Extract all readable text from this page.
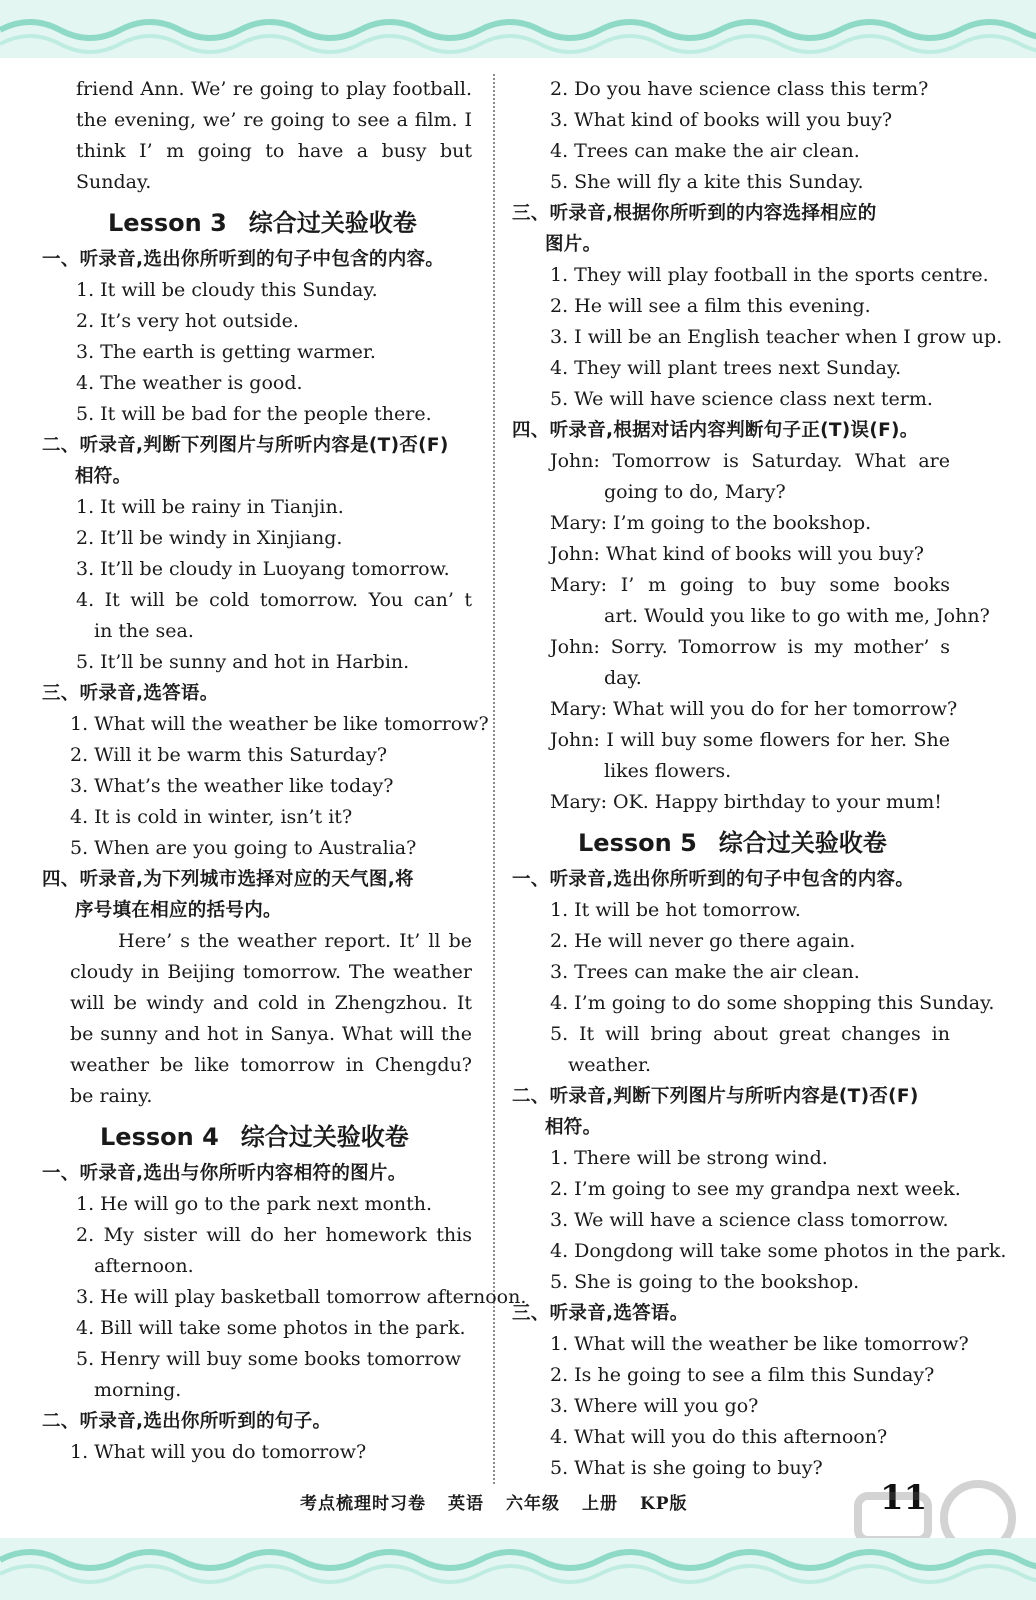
friend Ann. We’ re going to play football.
the evening, we’ re going to see a film. I
think I’ m going to have a busy but
Sunday.
Lesson 3 综合过关验收卷
一、听录音,选出你所听到的句子中包含的内容。
1. It will be cloudy this Sunday.
2. It’s very hot outside.
3. The earth is getting warmer.
4. The weather is good.
5. It will be bad for the people there.
二、听录音,判断下列图片与所听内容是(T)否(F)
相符。
1. It will be rainy in Tianjin.
2. It’ll be windy in Xinjiang.
3. It’ll be cloudy in Luoyang tomorrow.
4. It will be cold tomorrow. You can’ t
in the sea.
5. It’ll be sunny and hot in Harbin.
三、听录音,选答语。
1. What will the weather be like tomorrow?
2. Will it be warm this Saturday?
3. What’s the weather like today?
4. It is cold in winter, isn’t it?
5. When are you going to Australia?
四、听录音,为下列城市选择对应的天气图,将
序号填在相应的括号内。
Here’ s the weather report. It’ ll be
cloudy in Beijing tomorrow. The weather
will be windy and cold in Zhengzhou. It
be sunny and hot in Sanya. What will the
weather be like tomorrow in Chengdu?
be rainy.
Lesson 4 综合过关验收卷
一、听录音,选出与你所听内容相符的图片。
1. He will go to the park next month.
2. My sister will do her homework this
afternoon.
3. He will play basketball tomorrow afternoon.
4. Bill will take some photos in the park.
5. Henry will buy some books tomorrow
morning.
二、听录音,选出你所听到的句子。
1. What will you do tomorrow?
2. Do you have science class this term?
3. What kind of books will you buy?
4. Trees can make the air clean.
5. She will fly a kite this Sunday.
三、听录音,根据你所听到的内容选择相应的
图片。
1. They will play football in the sports centre.
2. He will see a film this evening.
3. I will be an English teacher when I grow up.
4. They will plant trees next Sunday.
5. We will have science class next term.
四、听录音,根据对话内容判断句子正(T)误(F)。
John: Tomorrow is Saturday. What are
going to do, Mary?
Mary: I’m going to the bookshop.
John: What kind of books will you buy?
Mary: I’ m going to buy some books
art. Would you like to go with me, John?
John: Sorry. Tomorrow is my mother’ s
day.
Mary: What will you do for her tomorrow?
John: I will buy some flowers for her. She
likes flowers.
Mary: OK. Happy birthday to your mum!
Lesson 5 综合过关验收卷
一、听录音,选出你所听到的句子中包含的内容。
1. It will be hot tomorrow.
2. He will never go there again.
3. Trees can make the air clean.
4. I’m going to do some shopping this Sunday.
5. It will bring about great changes in
weather.
二、听录音,判断下列图片与所听内容是(T)否(F)
相符。
1. There will be strong wind.
2. I’m going to see my grandpa next week.
3. We will have a science class tomorrow.
4. Dongdong will take some photos in the park.
5. She is going to the bookshop.
三、听录音,选答语。
1. What will the weather be like tomorrow?
2. Is he going to see a film this Sunday?
3. Where will you go?
4. What will you do this afternoon?
5. What is she going to buy?
考点梳理时习卷 英语 六年级 上册 KP版	11
